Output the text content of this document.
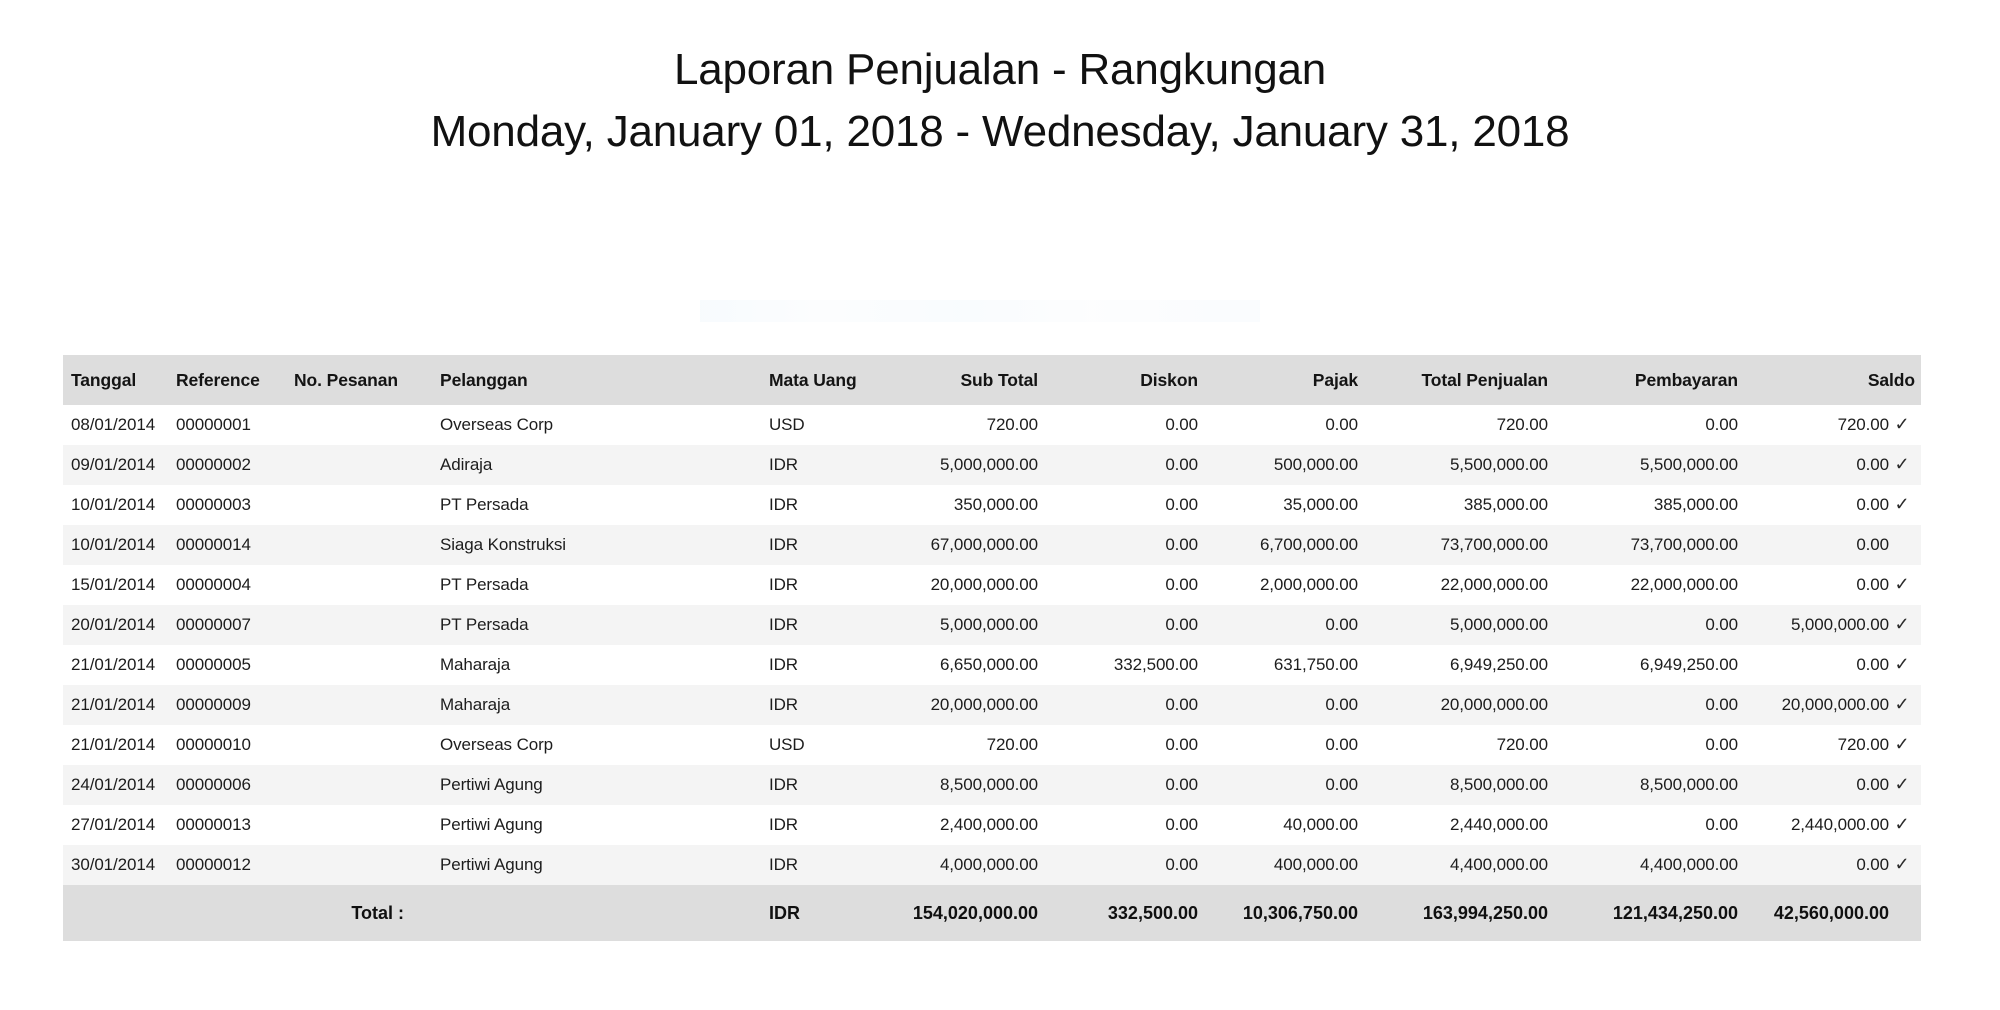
Laporan Penjualan - Rangkungan
Monday, January 01, 2018 - Wednesday, January 31, 2018
Tanggal	Reference	No. Pesanan	Pelanggan	Mata Uang	Sub Total	Diskon	Pajak	Total Penjualan	Pembayaran	Saldo
08/01/2014	00000001		Overseas Corp	USD	720.00	0.00	0.00	720.00	0.00	720.00 ✓
09/01/2014	00000002		Adiraja	IDR	5,000,000.00	0.00	500,000.00	5,500,000.00	5,500,000.00	0.00 ✓
10/01/2014	00000003		PT Persada	IDR	350,000.00	0.00	35,000.00	385,000.00	385,000.00	0.00 ✓
10/01/2014	00000014		Siaga Konstruksi	IDR	67,000,000.00	0.00	6,700,000.00	73,700,000.00	73,700,000.00	0.00
15/01/2014	00000004		PT Persada	IDR	20,000,000.00	0.00	2,000,000.00	22,000,000.00	22,000,000.00	0.00 ✓
20/01/2014	00000007		PT Persada	IDR	5,000,000.00	0.00	0.00	5,000,000.00	0.00	5,000,000.00 ✓
21/01/2014	00000005		Maharaja	IDR	6,650,000.00	332,500.00	631,750.00	6,949,250.00	6,949,250.00	0.00 ✓
21/01/2014	00000009		Maharaja	IDR	20,000,000.00	0.00	0.00	20,000,000.00	0.00	20,000,000.00 ✓
21/01/2014	00000010		Overseas Corp	USD	720.00	0.00	0.00	720.00	0.00	720.00 ✓
24/01/2014	00000006		Pertiwi Agung	IDR	8,500,000.00	0.00	0.00	8,500,000.00	8,500,000.00	0.00 ✓
27/01/2014	00000013		Pertiwi Agung	IDR	2,400,000.00	0.00	40,000.00	2,440,000.00	0.00	2,440,000.00 ✓
30/01/2014	00000012		Pertiwi Agung	IDR	4,000,000.00	0.00	400,000.00	4,400,000.00	4,400,000.00	0.00 ✓
		Total :		IDR	154,020,000.00	332,500.00	10,306,750.00	163,994,250.00	121,434,250.00	42,560,000.00
